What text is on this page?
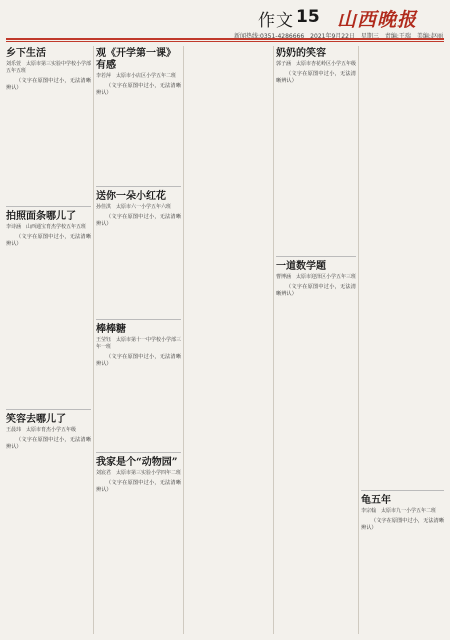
作文 15 山西晚报
新闻热线:0351-4286666　2021年9月22日　星期三　责编:王瑞　美编:赵丽
乡下生活
刘乐萱　太原市第三实验中学校小学部五年五班

（文字在原图中过小，无法清晰辨认）

拍照面条哪儿了
李诗涵　山西通宝育杰学校五年五班

（文字在原图中过小，无法清晰辨认）

笑容去哪儿了
王晨玮　太原市育杰小学五年级

（文字在原图中过小，无法清晰辨认）

观《开学第一课》有感
李若萍　太原市小店区小学五年二班

（文字在原图中过小，无法清晰辨认）

送你一朵小红花
孙佳淇　太原市六一小学五年六班

（文字在原图中过小，无法清晰辨认）

棒棒糖
王莹钰　太原市第十一中学校小学部三年一班

（文字在原图中过小，无法清晰辨认）

我家是个“动物园”
刘宸君　太原市第三实验小学四年二班

（文字在原图中过小，无法清晰辨认）

奶奶的笑容
郭子涵　太原市杏花岭区小学五年级

（文字在原图中过小，无法清晰辨认）

一道数学题
曹博涵　太原市迎泽区小学五年三班

（文字在原图中过小，无法清晰辨认）

龟五年
李宗翰　太原市九一小学五年二班

（文字在原图中过小，无法清晰辨认）
